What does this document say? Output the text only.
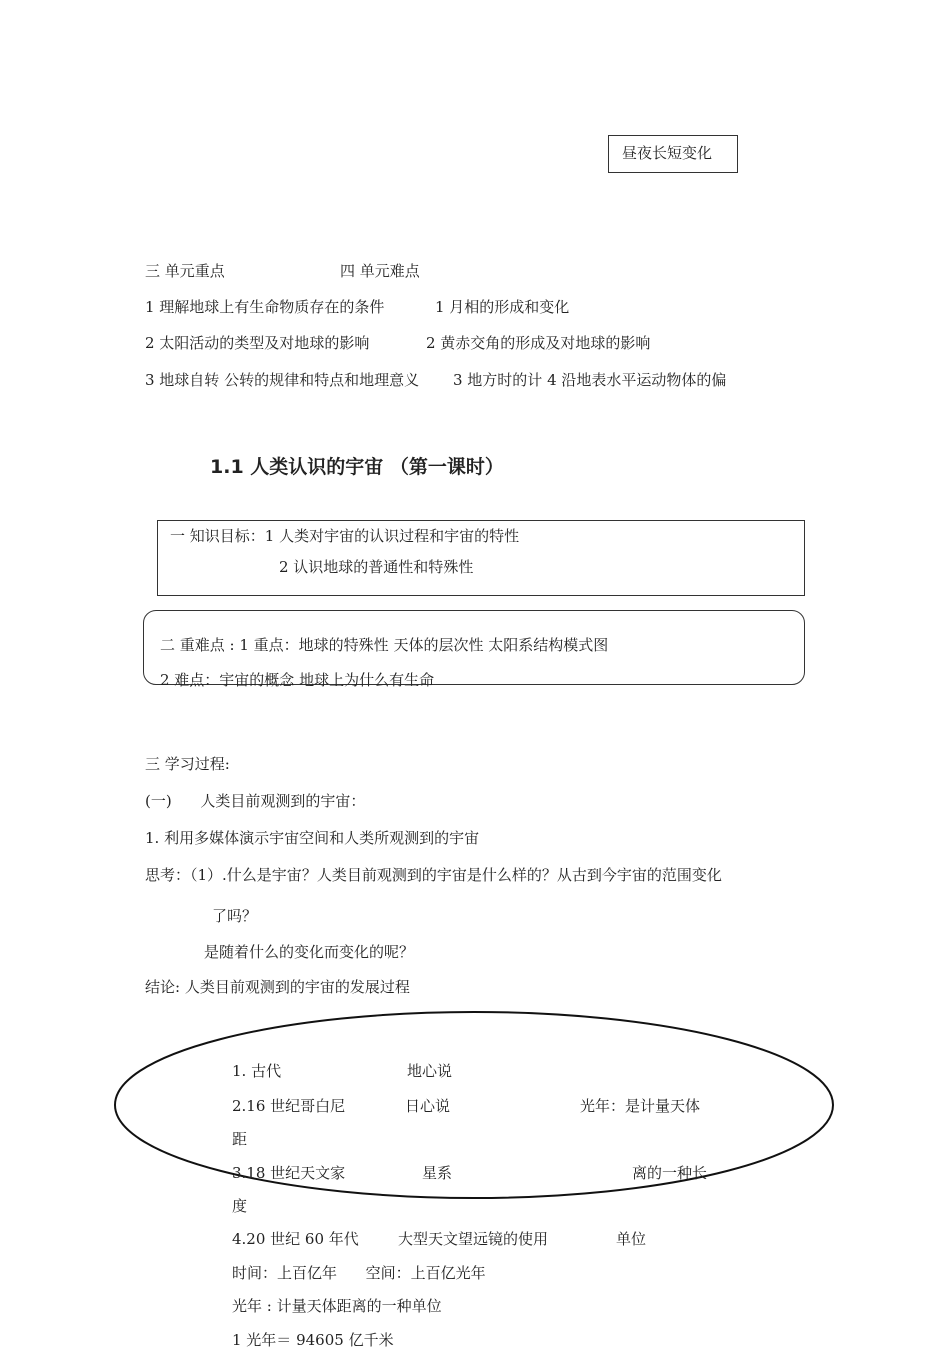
昼夜长短变化
三 单元重点	四 单元难点
1 理解地球上有生命物质存在的条件	1 月相的形成和变化
2 太阳活动的类型及对地球的影响	2 黄赤交角的形成及对地球的影响
3 地球自转 公转的规律和特点和地理意义 3 地方时的计 4 沿地表水平运动物体的偏
1.1 人类认识的宇宙 （第一课时）
一 知识目标：1 人类对宇宙的认识过程和宇宙的特性
2 认识地球的普通性和特殊性
二 重难点 : 1 重点：地球的特殊性 天体的层次性 太阳系结构模式图
2 难点：宇宙的概念 地球上为什么有生命
三 学习过程:
(一)      人类目前观测到的宇宙：
1. 利用多媒体演示宇宙空间和人类所观测到的宇宙
思考：（1）.什么是宇宙？人类目前观测到的宇宙是什么样的？从古到今宇宙的范围变化
了吗？
是随着什么的变化而变化的呢？
结论: 人类目前观测到的宇宙的发展过程
1. 古代	地心说
2.16 世纪哥白尼	日心说	光年：是计量天体
距
3.18 世纪天文家	星系	离的一种长
度
4.20 世纪 60 年代	大型天文望远镜的使用	单位
时间：上百亿年      空间：上百亿光年
光年 : 计量天体距离的一种单位
1 光年＝ 94605 亿千米
